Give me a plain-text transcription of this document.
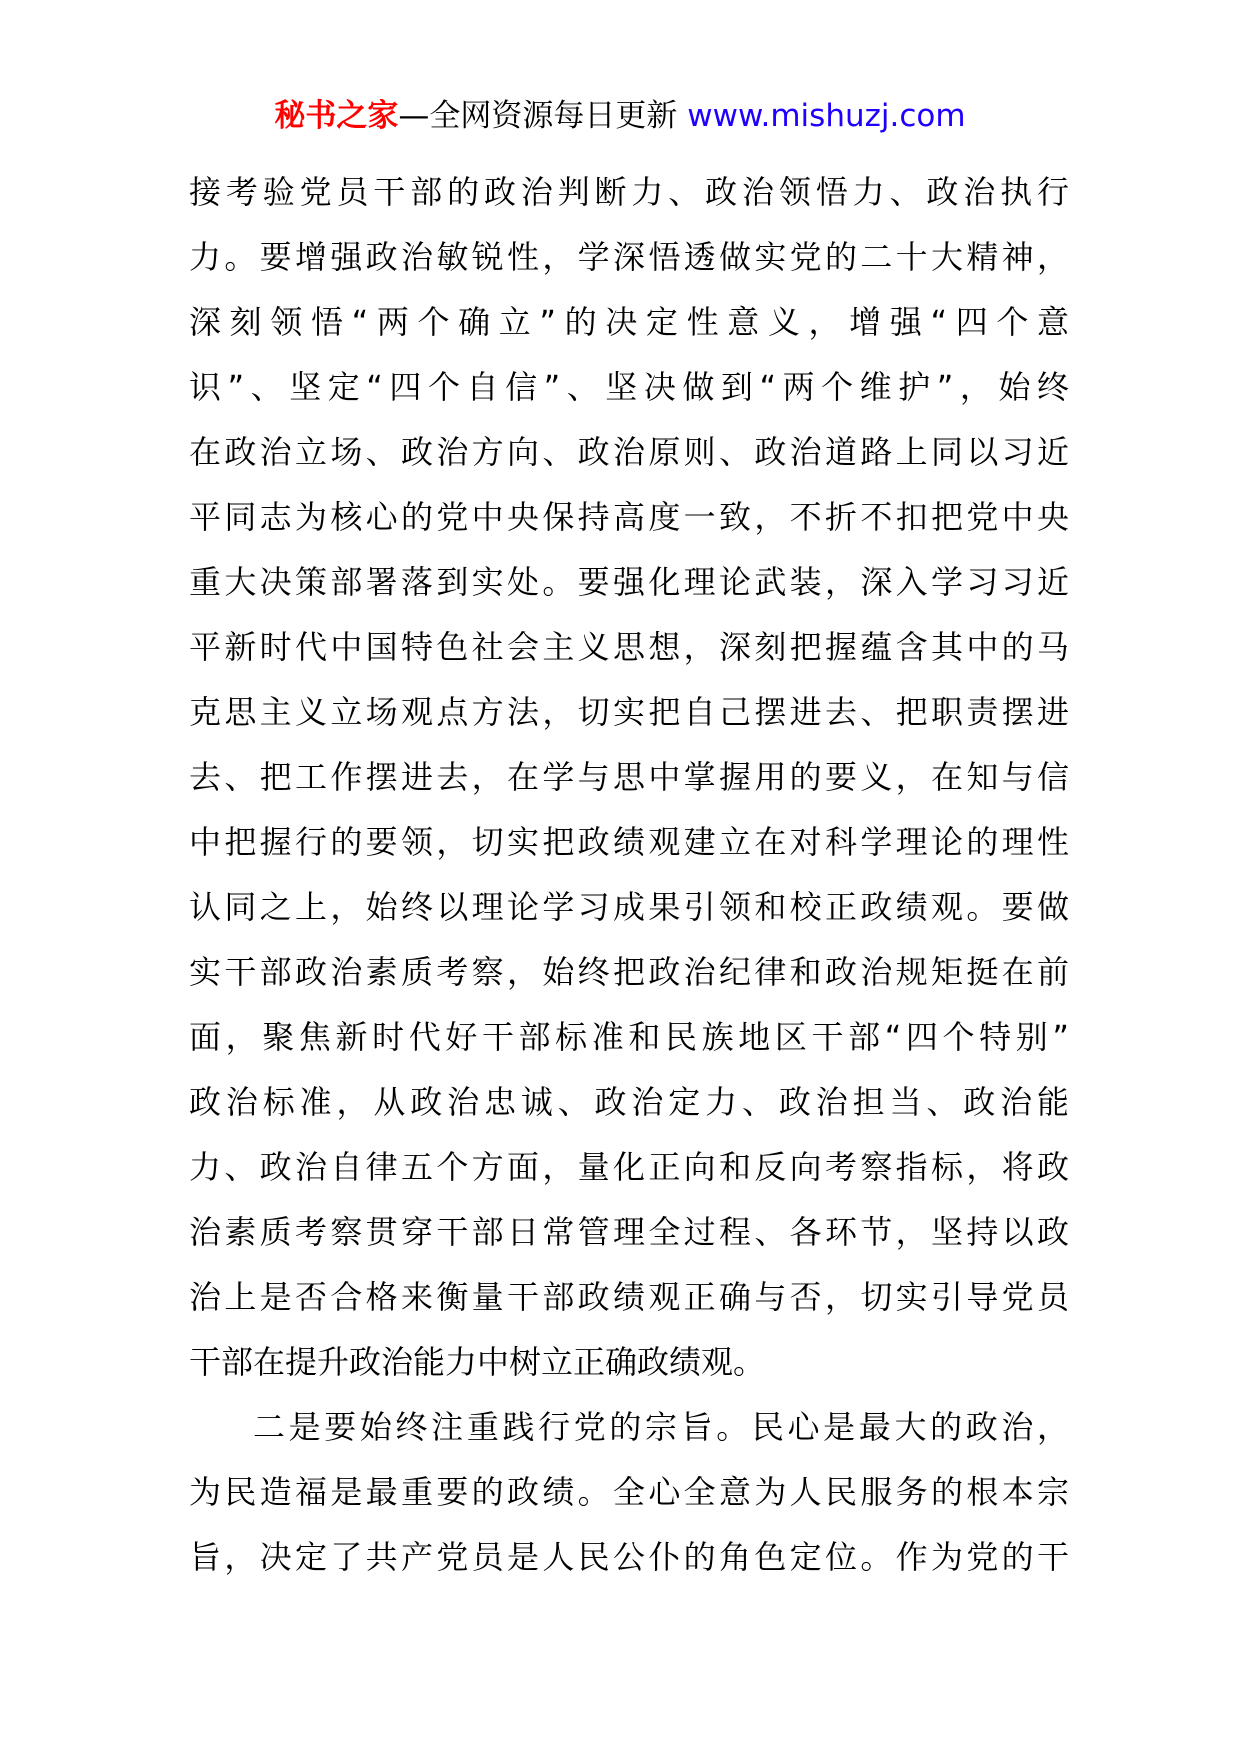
秘书之家—全网资源每日更新 www.mishuzj.com
接考验党员干部的政治判断力、政治领悟力、政治执行
力。要增强政治敏锐性，学深悟透做实党的二十大精神，
深刻领悟“两个确立”的决定性意义，增强“四个意
识”、坚定“四个自信”、坚决做到“两个维护”，始终
在政治立场、政治方向、政治原则、政治道路上同以习近
平同志为核心的党中央保持高度一致，不折不扣把党中央
重大决策部署落到实处。要强化理论武装，深入学习习近
平新时代中国特色社会主义思想，深刻把握蕴含其中的马
克思主义立场观点方法，切实把自己摆进去、把职责摆进
去、把工作摆进去，在学与思中掌握用的要义，在知与信
中把握行的要领，切实把政绩观建立在对科学理论的理性
认同之上，始终以理论学习成果引领和校正政绩观。要做
实干部政治素质考察，始终把政治纪律和政治规矩挺在前
面，聚焦新时代好干部标准和民族地区干部“四个特别”
政治标准，从政治忠诚、政治定力、政治担当、政治能
力、政治自律五个方面，量化正向和反向考察指标，将政
治素质考察贯穿干部日常管理全过程、各环节，坚持以政
治上是否合格来衡量干部政绩观正确与否，切实引导党员
干部在提升政治能力中树立正确政绩观。
二是要始终注重践行党的宗旨。民心是最大的政治，
为民造福是最重要的政绩。全心全意为人民服务的根本宗
旨，决定了共产党员是人民公仆的角色定位。作为党的干
